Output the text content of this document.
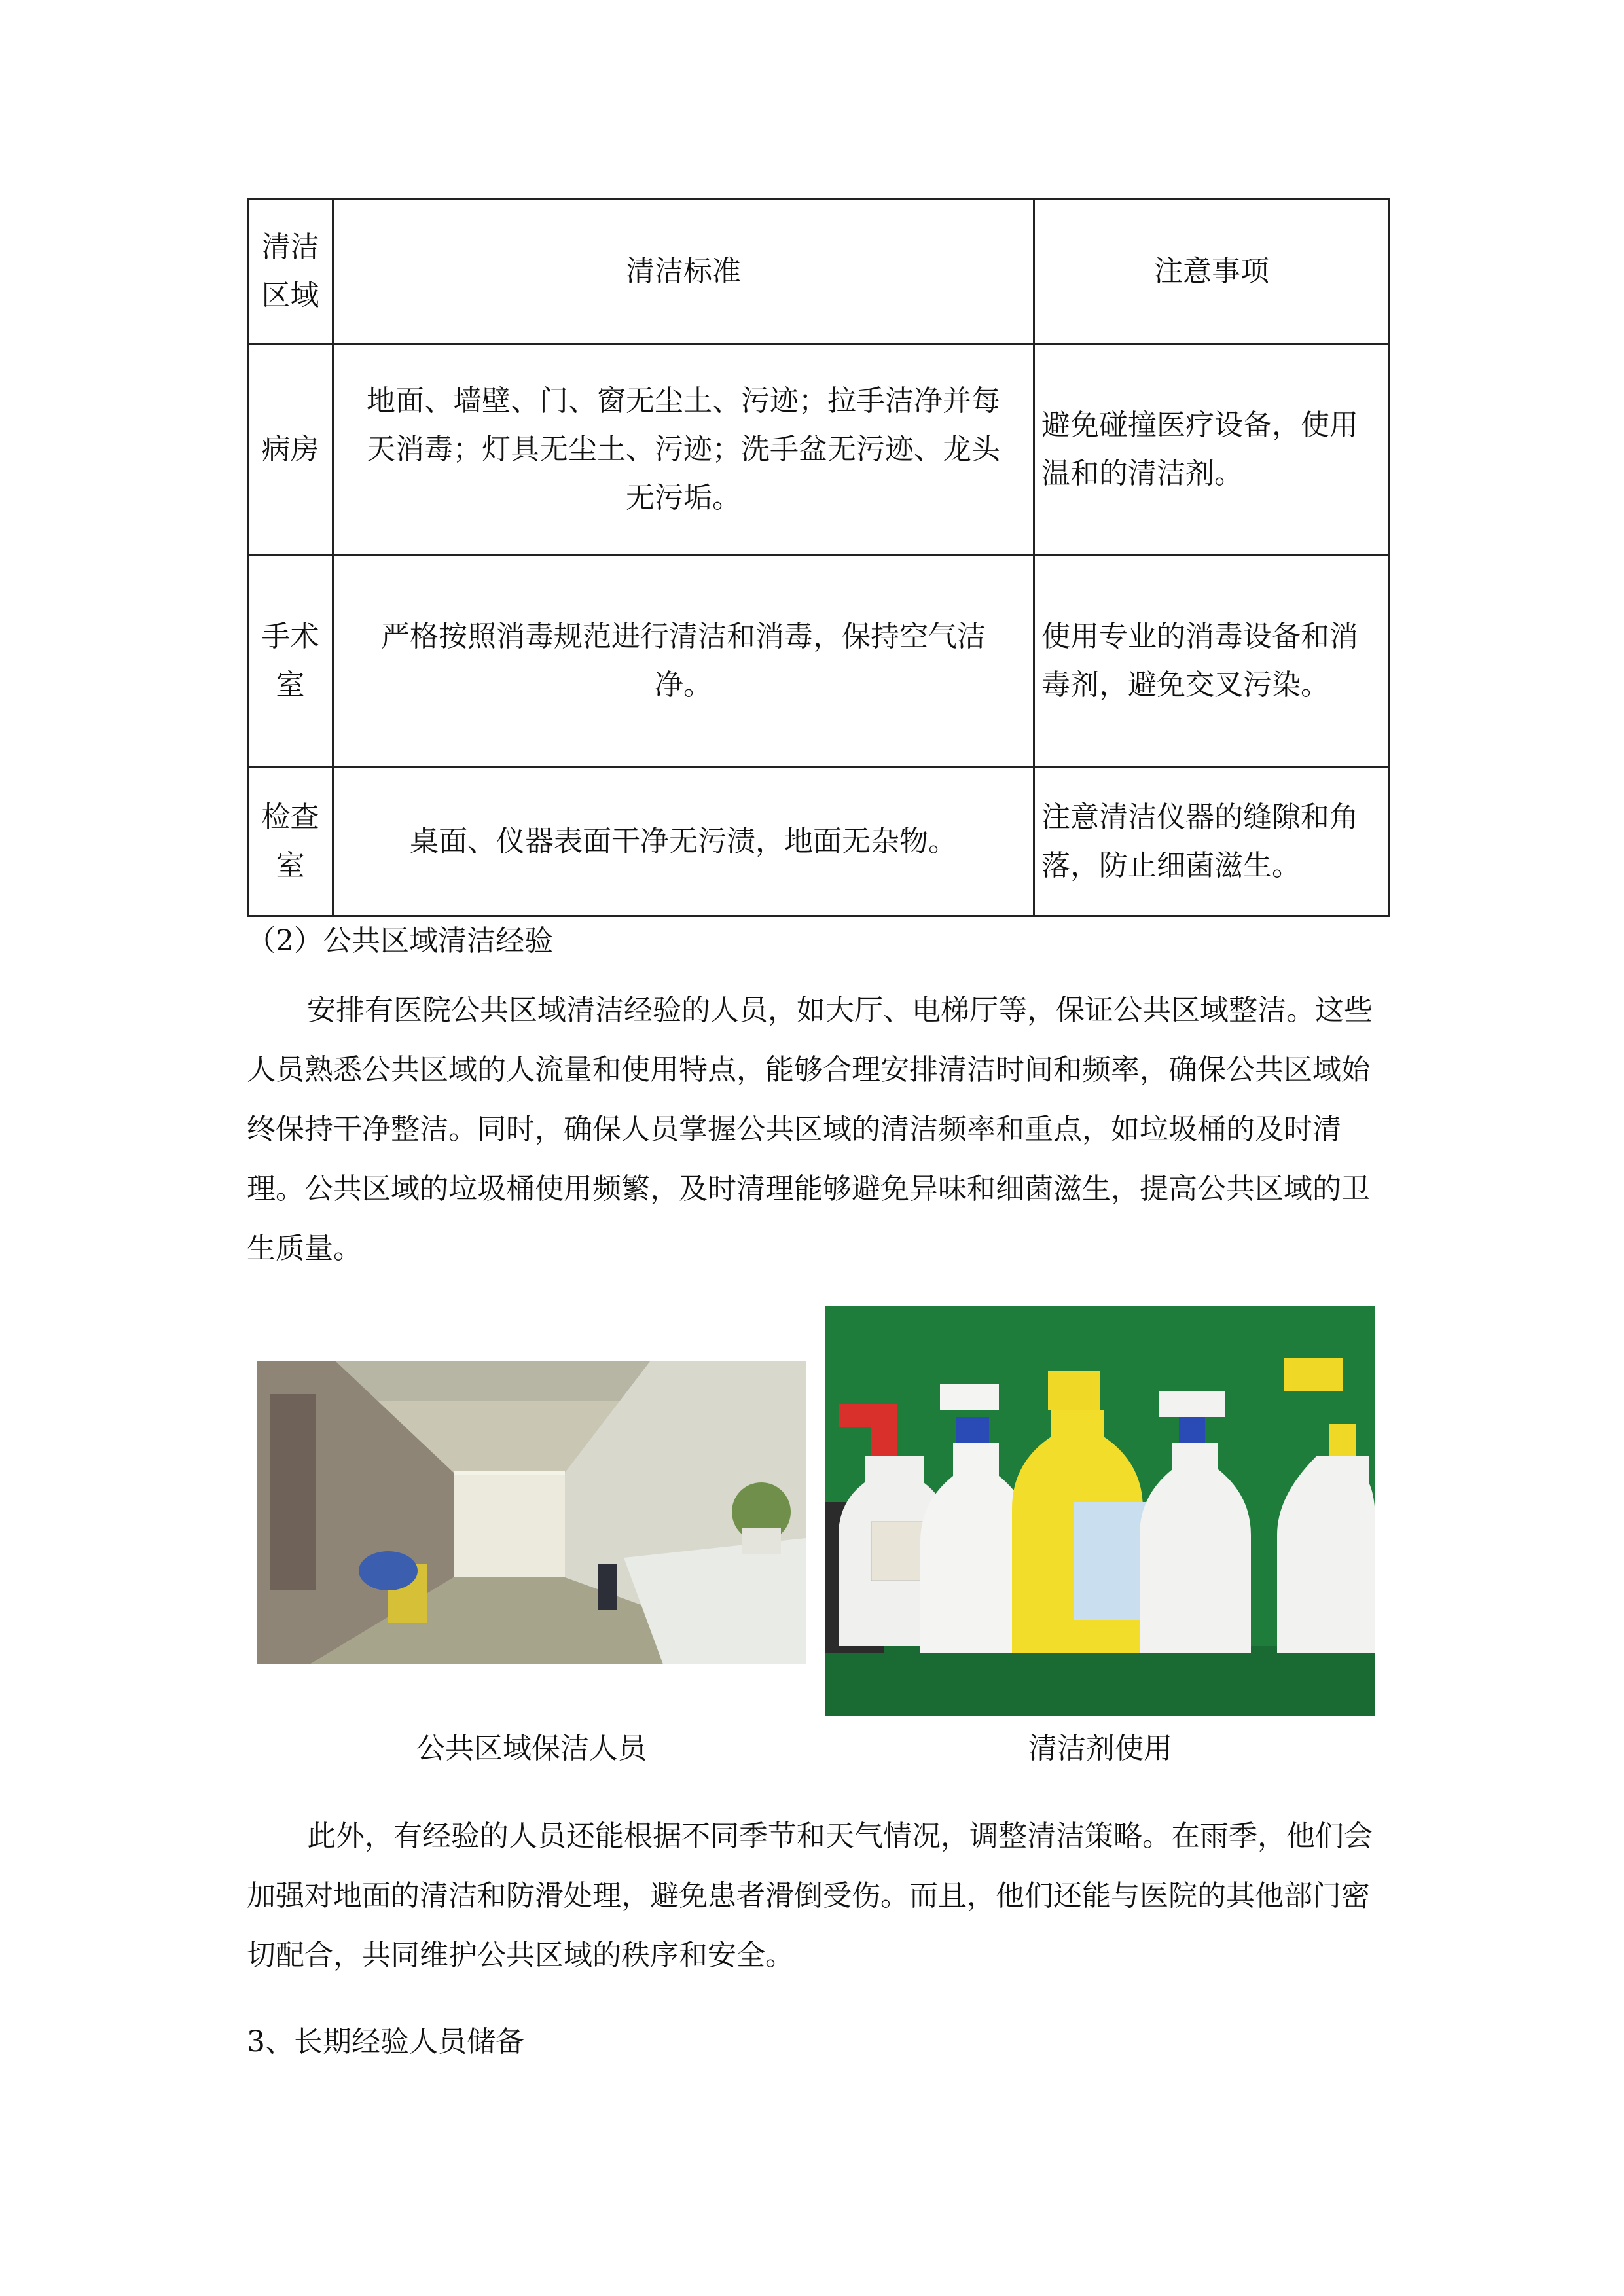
清洁区域	清洁标准	注意事项
病房	地面、墙壁、门、窗无尘土、污迹；拉手洁净并每天消毒；灯具无尘土、污迹；洗手盆无污迹、龙头无污垢。	避免碰撞医疗设备，使用温和的清洁剂。
手术室	严格按照消毒规范进行清洁和消毒，保持空气洁净。	使用专业的消毒设备和消毒剂，避免交叉污染。
检查室	桌面、仪器表面干净无污渍，地面无杂物。	注意清洁仪器的缝隙和角落，防止细菌滋生。

（2）公共区域清洁经验

安排有医院公共区域清洁经验的人员，如大厅、电梯厅等，保证公共区域整洁。这些人员熟悉公共区域的人流量和使用特点，能够合理安排清洁时间和频率，确保公共区域始终保持干净整洁。同时，确保人员掌握公共区域的清洁频率和重点，如垃圾桶的及时清理。公共区域的垃圾桶使用频繁，及时清理能够避免异味和细菌滋生，提高公共区域的卫生质量。

公共区域保洁人员	清洁剂使用

此外，有经验的人员还能根据不同季节和天气情况，调整清洁策略。在雨季，他们会加强对地面的清洁和防滑处理，避免患者滑倒受伤。而且，他们还能与医院的其他部门密切配合，共同维护公共区域的秩序和安全。

3、长期经验人员储备
